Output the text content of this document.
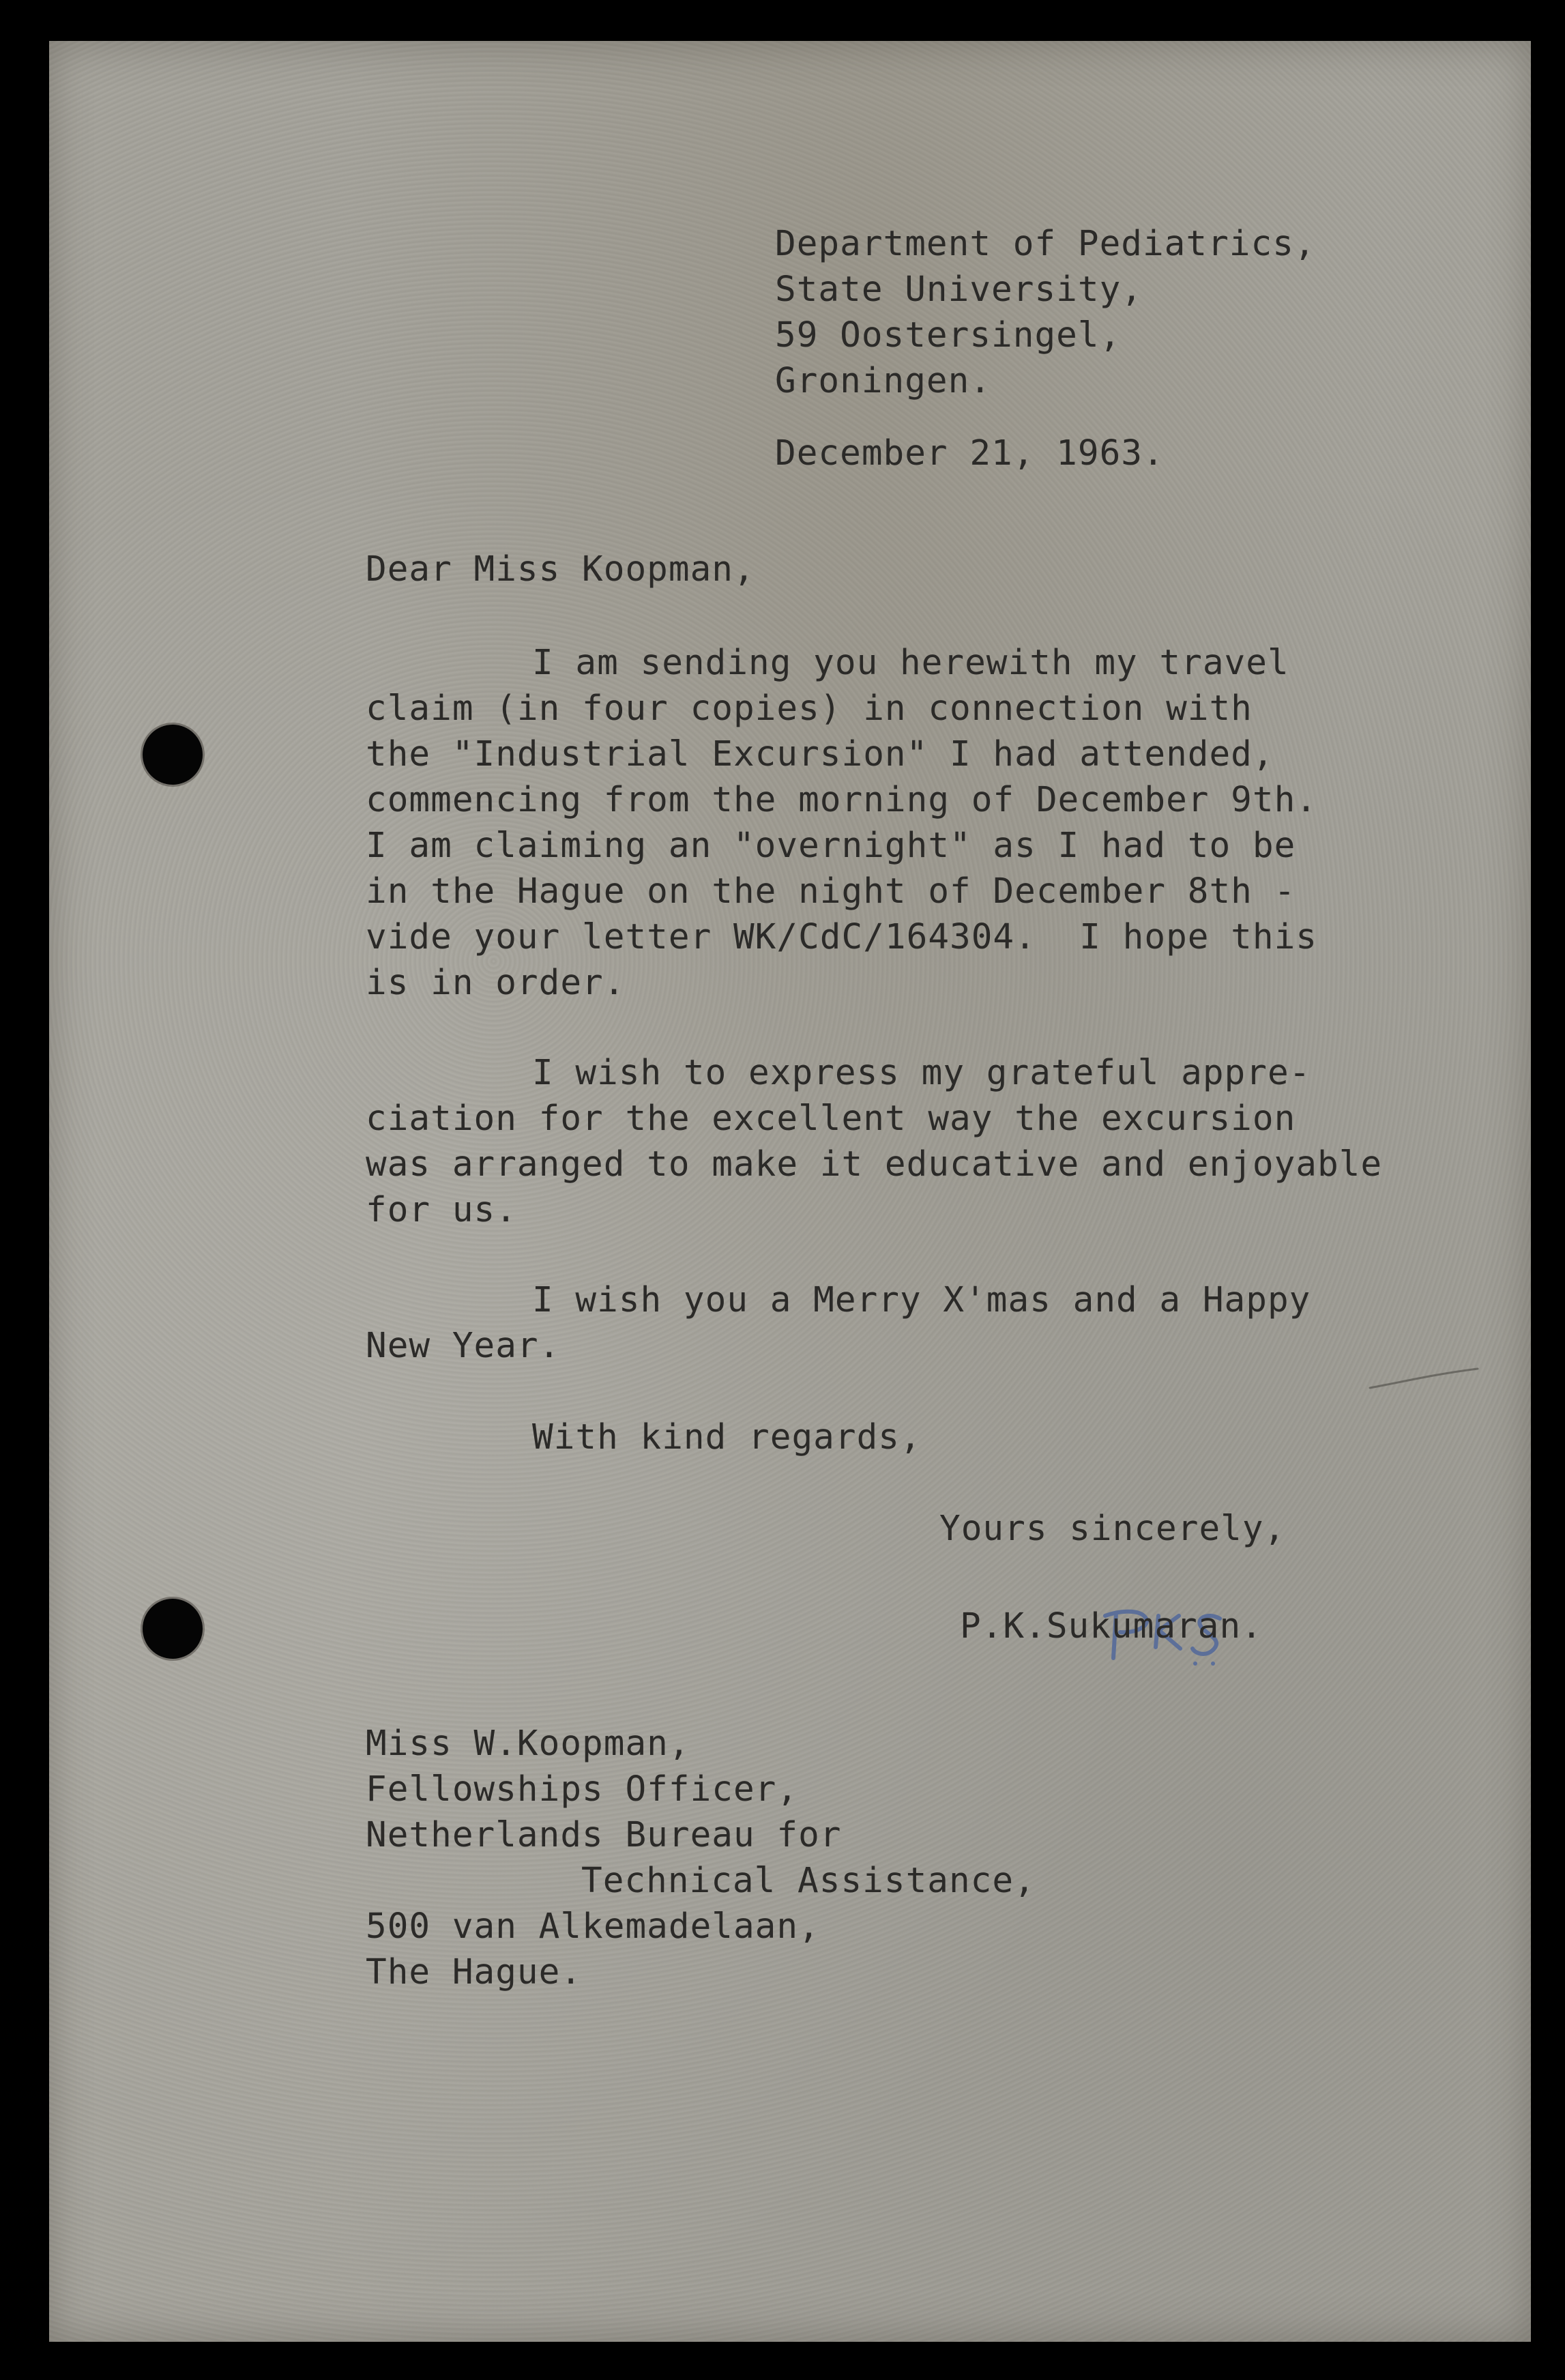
Department of Pediatrics,
State University,
59 Oostersingel,
Groningen.
December 21, 1963.
Dear Miss Koopman,
I am sending you herewith my travel
claim (in four copies) in connection with
the "Industrial Excursion" I had attended,
commencing from the morning of December 9th.
I am claiming an "overnight" as I had to be
in the Hague on the night of December 8th -
vide your letter WK/CdC/164304.  I hope this
is in order.
I wish to express my grateful appre-
ciation for the excellent way the excursion
was arranged to make it educative and enjoyable
for us.
I wish you a Merry X'mas and a Happy
New Year.
With kind regards,
Yours sincerely,
P.K.Sukumaran.
Miss W.Koopman,
Fellowships Officer,
Netherlands Bureau for
Technical Assistance,
500 van Alkemadelaan,
The Hague.
